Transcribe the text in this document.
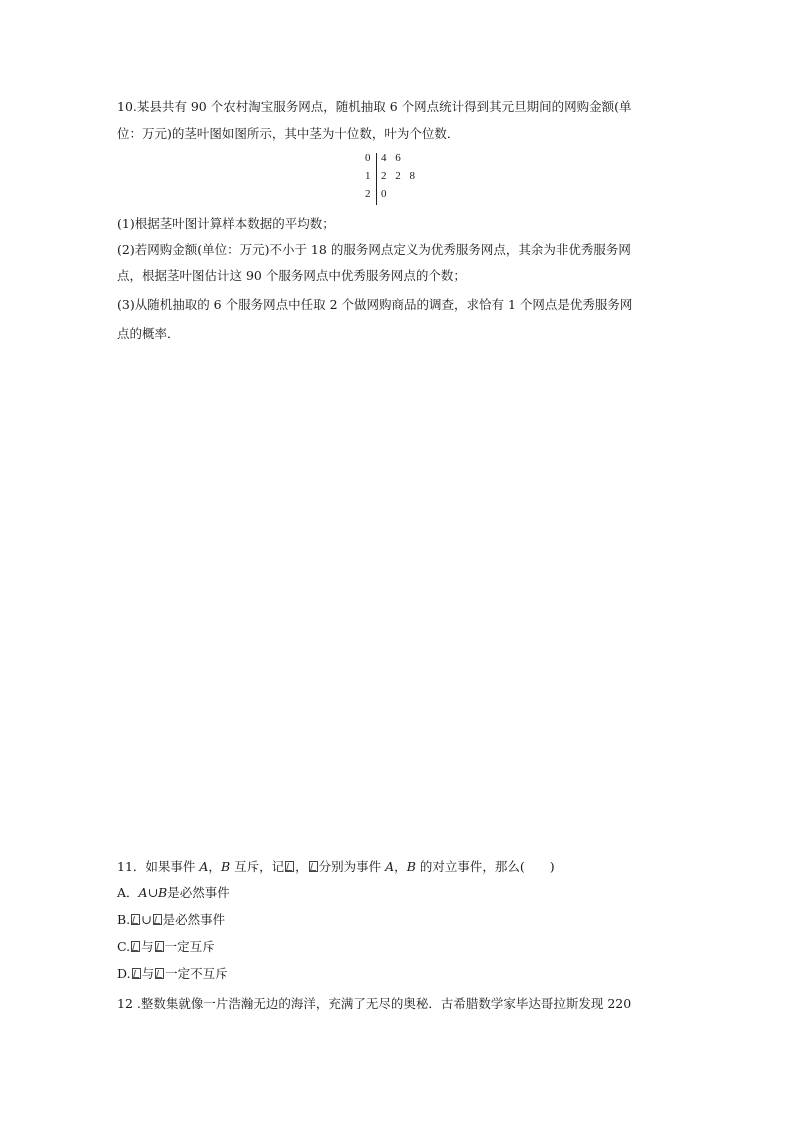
10.某县共有 90 个农村淘宝服务网点，随机抽取 6 个网点统计得到其元旦期间的网购金额(单
位：万元)的茎叶图如图所示，其中茎为十位数，叶为个位数．
0 4 6
1 2 2 8
2 0
(1)根据茎叶图计算样本数据的平均数；
(2)若网购金额(单位：万元)不小于 18 的服务网点定义为优秀服务网点，其余为非优秀服务网
点，根据茎叶图估计这 90 个服务网点中优秀服务网点的个数；
(3)从随机抽取的 6 个服务网点中任取 2 个做网购商品的调查，求恰有 1 个网点是优秀服务网
点的概率．
11．如果事件 A，B 互斥，记 ， 分别为事件 A，B 的对立事件，那么(　　)
A．A∪B是必然事件
B. ∪ 是必然事件
C. 与 一定互斥
D. 与 一定不互斥
12 .整数集就像一片浩瀚无边的海洋，充满了无尽的奥秘．古希腊数学家毕达哥拉斯发现 220
